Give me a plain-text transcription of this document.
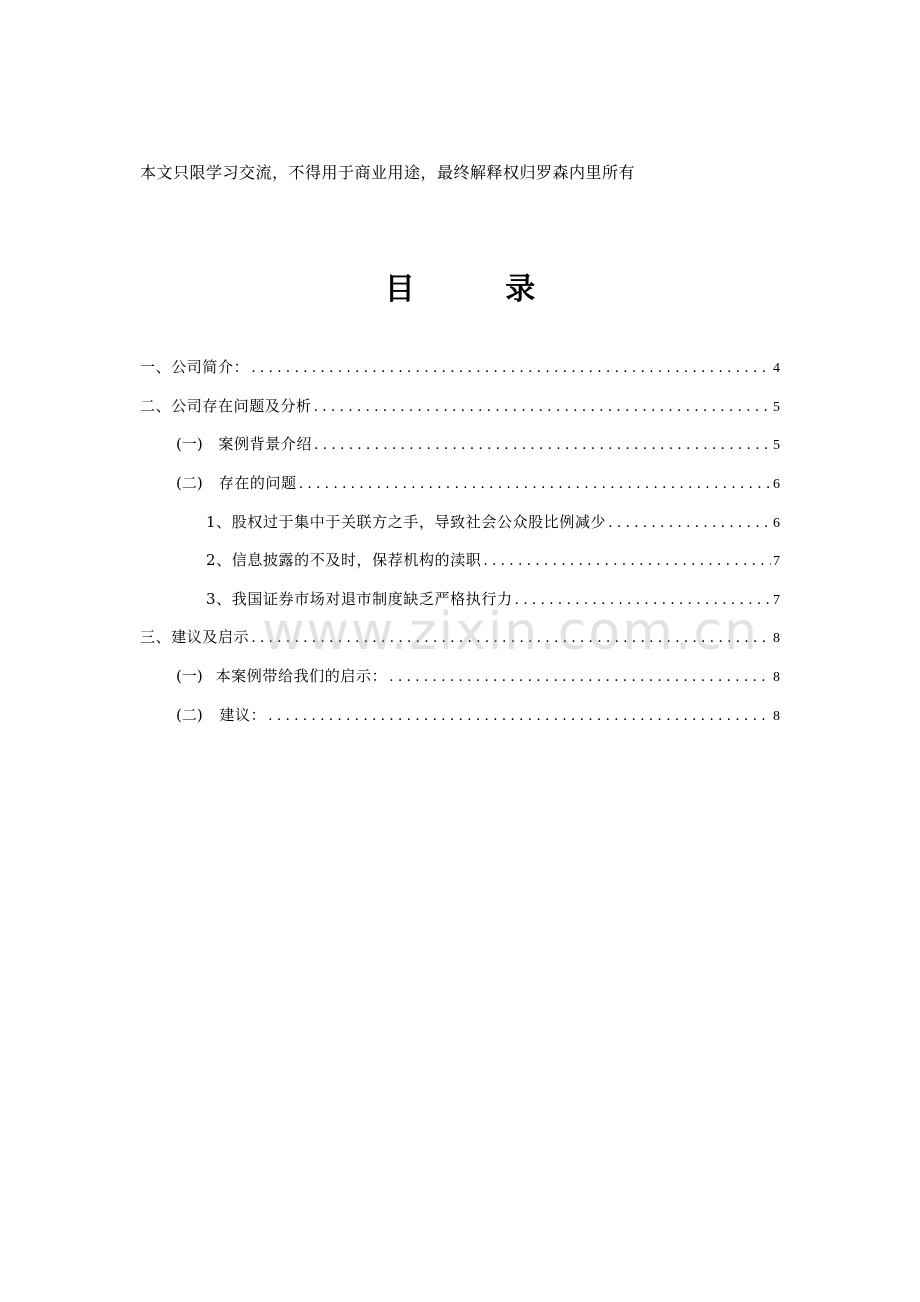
本文只限学习交流，不得用于商业用途，最终解释权归罗森内里所有
目 录
一、公司简介： .....	4
二、公司存在问题及分析 .....	5
(一) 案例背景介绍 .....	5
(二) 存在的问题 .....	6
1、股权过于集中于关联方之手，导致社会公众股比例减少 .....	6
2、信息披露的不及时，保荐机构的渎职 .....	7
3、我国证券市场对退市制度缺乏严格执行力 .....	7
三、建议及启示 .....	8
(一) 本案例带给我们的启示： .....	8
(二) 建议： .....	8
www.zixin.com.cn
